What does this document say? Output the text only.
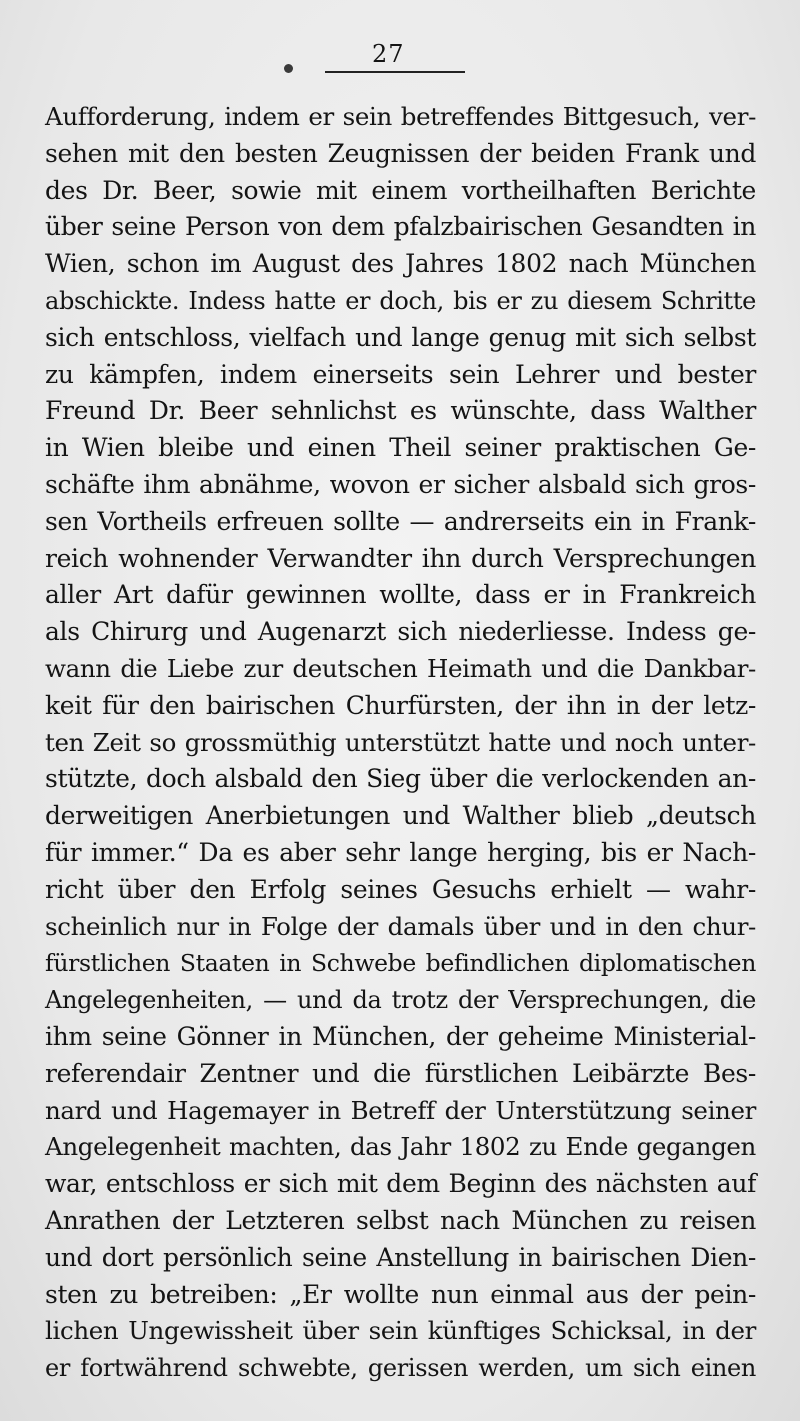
27
Aufforderung, indem er sein betreffendes Bittgesuch, ver-
sehen mit den besten Zeugnissen der beiden Frank und
des Dr. Beer, sowie mit einem vortheilhaften Berichte
über seine Person von dem pfalzbairischen Gesandten in
Wien, schon im August des Jahres 1802 nach München
abschickte. Indess hatte er doch, bis er zu diesem Schritte
sich entschloss, vielfach und lange genug mit sich selbst
zu kämpfen, indem einerseits sein Lehrer und bester
Freund Dr. Beer sehnlichst es wünschte, dass Walther
in Wien bleibe und einen Theil seiner praktischen Ge-
schäfte ihm abnähme, wovon er sicher alsbald sich gros-
sen Vortheils erfreuen sollte — andrerseits ein in Frank-
reich wohnender Verwandter ihn durch Versprechungen
aller Art dafür gewinnen wollte, dass er in Frankreich
als Chirurg und Augenarzt sich niederliesse. Indess ge-
wann die Liebe zur deutschen Heimath und die Dankbar-
keit für den bairischen Churfürsten, der ihn in der letz-
ten Zeit so grossmüthig unterstützt hatte und noch unter-
stützte, doch alsbald den Sieg über die verlockenden an-
derweitigen Anerbietungen und Walther blieb „deutsch
für immer.“ Da es aber sehr lange herging, bis er Nach-
richt über den Erfolg seines Gesuchs erhielt — wahr-
scheinlich nur in Folge der damals über und in den chur-
fürstlichen Staaten in Schwebe befindlichen diplomatischen
Angelegenheiten, — und da trotz der Versprechungen, die
ihm seine Gönner in München, der geheime Ministerial-
referendair Zentner und die fürstlichen Leibärzte Bes-
nard und Hagemayer in Betreff der Unterstützung seiner
Angelegenheit machten, das Jahr 1802 zu Ende gegangen
war, entschloss er sich mit dem Beginn des nächsten auf
Anrathen der Letzteren selbst nach München zu reisen
und dort persönlich seine Anstellung in bairischen Dien-
sten zu betreiben: „Er wollte nun einmal aus der pein-
lichen Ungewissheit über sein künftiges Schicksal, in der
er fortwährend schwebte, gerissen werden, um sich einen
